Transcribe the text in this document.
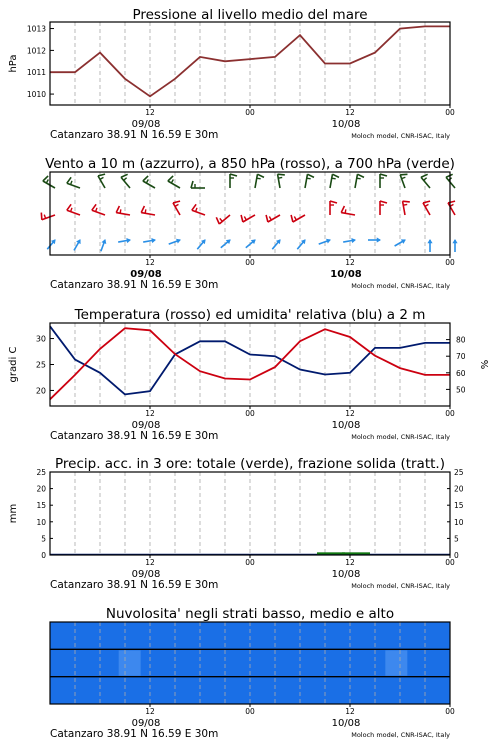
Pressione al livello medio del mare
1010
1011
1012
1013
hPa
12	00	12	00
09/08	10/08
Catanzaro 38.91 N 16.59 E 30m	Moloch model, CNR-ISAC, Italy
Vento a 10 m (azzurro), a 850 hPa (rosso), a 700 hPa (verde)
12	00	12	00
09/08	10/08
Catanzaro 38.91 N 16.59 E 30m	Moloch model, CNR-ISAC, Italy
Temperatura (rosso) ed umidita' relativa (blu) a 2 m
20
25
30
50
60
70
80
gradi C	%
12	00	12	00
09/08	10/08
Catanzaro 38.91 N 16.59 E 30m	Moloch model, CNR-ISAC, Italy
Precip. acc. in 3 ore: totale (verde), frazione solida (tratt.)
0	0
5	5
10	10
15	15
20	20
25	25
mm
12	00	12	00
09/08	10/08
Catanzaro 38.91 N 16.59 E 30m	Moloch model, CNR-ISAC, Italy
Nuvolosita' negli strati basso, medio e alto
12	00	12	00
09/08	10/08
Catanzaro 38.91 N 16.59 E 30m	Moloch model, CNR-ISAC, Italy
